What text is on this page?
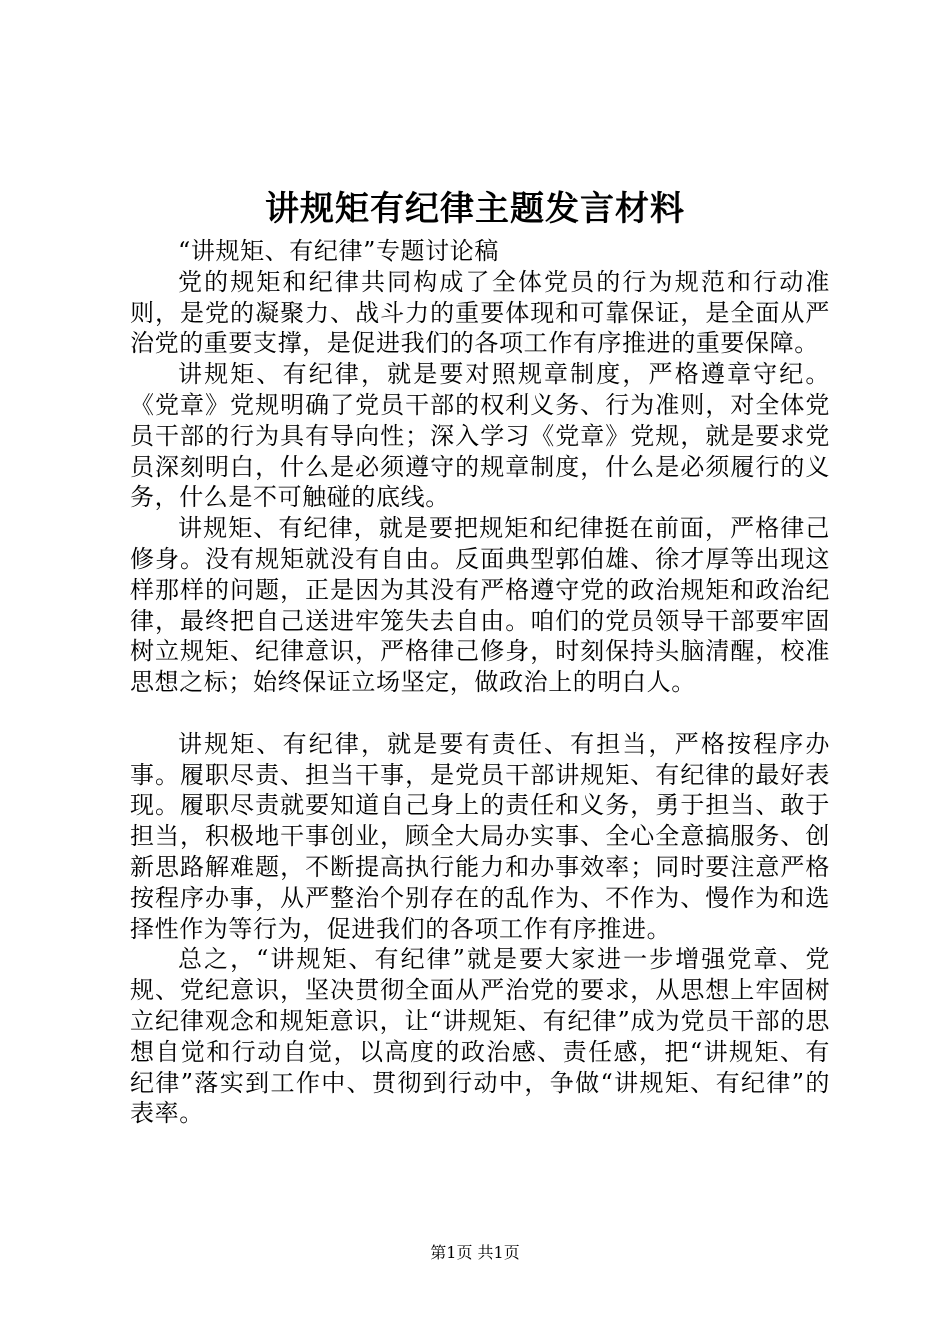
讲规矩有纪律主题发言材料

“讲规矩、有纪律”专题讨论稿

党的规矩和纪律共同构成了全体党员的行为规范和行动准则，是党的凝聚力、战斗力的重要体现和可靠保证，是全面从严治党的重要支撑，是促进我们的各项工作有序推进的重要保障。

讲规矩、有纪律，就是要对照规章制度，严格遵章守纪。《党章》党规明确了党员干部的权利义务、行为准则，对全体党员干部的行为具有导向性；深入学习《党章》党规，就是要求党员深刻明白，什么是必须遵守的规章制度，什么是必须履行的义务，什么是不可触碰的底线。

讲规矩、有纪律，就是要把规矩和纪律挺在前面，严格律己修身。没有规矩就没有自由。反面典型郭伯雄、徐才厚等出现这样那样的问题，正是因为其没有严格遵守党的政治规矩和政治纪律，最终把自己送进牢笼失去自由。咱们的党员领导干部要牢固树立规矩、纪律意识，严格律己修身，时刻保持头脑清醒，校准思想之标；始终保证立场坚定，做政治上的明白人。

讲规矩、有纪律，就是要有责任、有担当，严格按程序办事。履职尽责、担当干事，是党员干部讲规矩、有纪律的最好表现。履职尽责就要知道自己身上的责任和义务，勇于担当、敢于担当，积极地干事创业，顾全大局办实事、全心全意搞服务、创新思路解难题，不断提高执行能力和办事效率；同时要注意严格按程序办事，从严整治个别存在的乱作为、不作为、慢作为和选择性作为等行为，促进我们的各项工作有序推进。

总之，“讲规矩、有纪律”就是要大家进一步增强党章、党规、党纪意识，坚决贯彻全面从严治党的要求，从思想上牢固树立纪律观念和规矩意识，让“讲规矩、有纪律”成为党员干部的思想自觉和行动自觉，以高度的政治感、责任感，把“讲规矩、有纪律”落实到工作中、贯彻到行动中，争做“讲规矩、有纪律”的表率。

第1页 共1页
